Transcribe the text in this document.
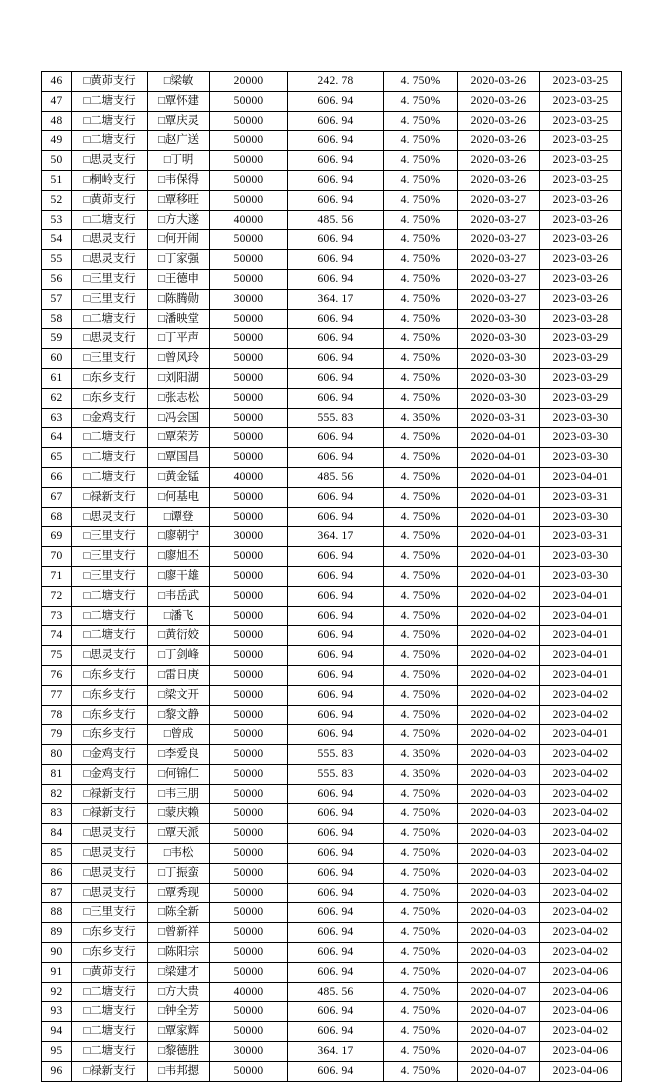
46	□黄茆支行	□梁敏	20000	242. 78	4. 750%	2020-03-26	2023-03-25
47	□二塘支行	□覃怀建	50000	606. 94	4. 750%	2020-03-26	2023-03-25
48	□二塘支行	□覃庆灵	50000	606. 94	4. 750%	2020-03-26	2023-03-25
49	□二塘支行	□赵广送	50000	606. 94	4. 750%	2020-03-26	2023-03-25
50	□思灵支行	□丁明	50000	606. 94	4. 750%	2020-03-26	2023-03-25
51	□桐岭支行	□韦保得	50000	606. 94	4. 750%	2020-03-26	2023-03-25
52	□黄茆支行	□覃移旺	50000	606. 94	4. 750%	2020-03-27	2023-03-26
53	□二塘支行	□方大遂	40000	485. 56	4. 750%	2020-03-27	2023-03-26
54	□思灵支行	□何开闹	50000	606. 94	4. 750%	2020-03-27	2023-03-26
55	□思灵支行	□丁家强	50000	606. 94	4. 750%	2020-03-27	2023-03-26
56	□三里支行	□王德申	50000	606. 94	4. 750%	2020-03-27	2023-03-26
57	□三里支行	□陈腾勋	30000	364. 17	4. 750%	2020-03-27	2023-03-26
58	□二塘支行	□潘映堂	50000	606. 94	4. 750%	2020-03-30	2023-03-28
59	□思灵支行	□丁平声	50000	606. 94	4. 750%	2020-03-30	2023-03-29
60	□三里支行	□曾风玲	50000	606. 94	4. 750%	2020-03-30	2023-03-29
61	□东乡支行	□刘阳湖	50000	606. 94	4. 750%	2020-03-30	2023-03-29
62	□东乡支行	□张志松	50000	606. 94	4. 750%	2020-03-30	2023-03-29
63	□金鸡支行	□冯会国	50000	555. 83	4. 350%	2020-03-31	2023-03-30
64	□二塘支行	□覃荣芳	50000	606. 94	4. 750%	2020-04-01	2023-03-30
65	□二塘支行	□覃国昌	50000	606. 94	4. 750%	2020-04-01	2023-03-30
66	□二塘支行	□黄金锰	40000	485. 56	4. 750%	2020-04-01	2023-04-01
67	□禄新支行	□何基电	50000	606. 94	4. 750%	2020-04-01	2023-03-31
68	□思灵支行	□谭登	50000	606. 94	4. 750%	2020-04-01	2023-03-30
69	□三里支行	□廖朝宁	30000	364. 17	4. 750%	2020-04-01	2023-03-31
70	□三里支行	□廖旭丕	50000	606. 94	4. 750%	2020-04-01	2023-03-30
71	□三里支行	□廖干雄	50000	606. 94	4. 750%	2020-04-01	2023-03-30
72	□二塘支行	□韦岳武	50000	606. 94	4. 750%	2020-04-02	2023-04-01
73	□二塘支行	□潘飞	50000	606. 94	4. 750%	2020-04-02	2023-04-01
74	□二塘支行	□黄衍姣	50000	606. 94	4. 750%	2020-04-02	2023-04-01
75	□思灵支行	□丁剑峰	50000	606. 94	4. 750%	2020-04-02	2023-04-01
76	□东乡支行	□雷日庚	50000	606. 94	4. 750%	2020-04-02	2023-04-01
77	□东乡支行	□梁文开	50000	606. 94	4. 750%	2020-04-02	2023-04-02
78	□东乡支行	□黎文静	50000	606. 94	4. 750%	2020-04-02	2023-04-02
79	□东乡支行	□曾成	50000	606. 94	4. 750%	2020-04-02	2023-04-01
80	□金鸡支行	□李爱良	50000	555. 83	4. 350%	2020-04-03	2023-04-02
81	□金鸡支行	□何锦仁	50000	555. 83	4. 350%	2020-04-03	2023-04-02
82	□禄新支行	□韦三朋	50000	606. 94	4. 750%	2020-04-03	2023-04-02
83	□禄新支行	□蒙庆赖	50000	606. 94	4. 750%	2020-04-03	2023-04-02
84	□思灵支行	□覃天派	50000	606. 94	4. 750%	2020-04-03	2023-04-02
85	□思灵支行	□韦松	50000	606. 94	4. 750%	2020-04-03	2023-04-02
86	□思灵支行	□丁振蛮	50000	606. 94	4. 750%	2020-04-03	2023-04-02
87	□思灵支行	□覃秀现	50000	606. 94	4. 750%	2020-04-03	2023-04-02
88	□三里支行	□陈全新	50000	606. 94	4. 750%	2020-04-03	2023-04-02
89	□东乡支行	□曾新祥	50000	606. 94	4. 750%	2020-04-03	2023-04-02
90	□东乡支行	□陈阳宗	50000	606. 94	4. 750%	2020-04-03	2023-04-02
91	□黄茆支行	□梁建才	50000	606. 94	4. 750%	2020-04-07	2023-04-06
92	□二塘支行	□方大贵	40000	485. 56	4. 750%	2020-04-07	2023-04-06
93	□二塘支行	□钟全芳	50000	606. 94	4. 750%	2020-04-07	2023-04-06
94	□二塘支行	□覃家辉	50000	606. 94	4. 750%	2020-04-07	2023-04-02
95	□二塘支行	□黎德胜	30000	364. 17	4. 750%	2020-04-07	2023-04-06
96	□禄新支行	□韦邦摁	50000	606. 94	4. 750%	2020-04-07	2023-04-06
